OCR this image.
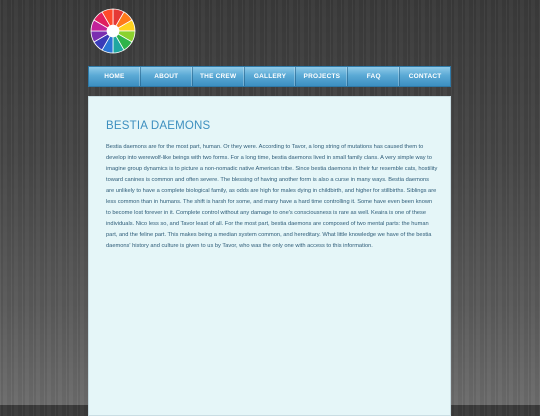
HOME	ABOUT	THE CREW	GALLERY	PROJECTS	FAQ	CONTACT
BESTIA DAEMONS

Bestia daemons are for the most part, human. Or they were. According to Tavor, a long string of mutations has caused them to develop into werewolf-like beings with two forms. For a long time, bestia daemons lived in small family clans. A very simple way to imagine group dynamics is to picture a non-nomadic native American tribe. Since bestia daemons in their fur resemble cats, hostility toward canines is common and often severe. The blessing of having another form is also a curse in many ways. Bestia daemons are unlikely to have a complete biological family, as odds are high for males dying in childbirth, and higher for stillbirths. Siblings are less common than in humans. The shift is harsh for some, and many have a hard time controlling it. Some have even been known to become lost forever in it. Complete control without any damage to one's consciousness is rare as well. Keaira is one of these individuals. Nico less so, and Tavor least of all. For the most part, bestia daemons are composed of two mental parts: the human part, and the feline part. This makes being a median system common, and hereditary. What little knowledge we have of the bestia daemons' history and culture is given to us by Tavor, who was the only one with access to this information.
